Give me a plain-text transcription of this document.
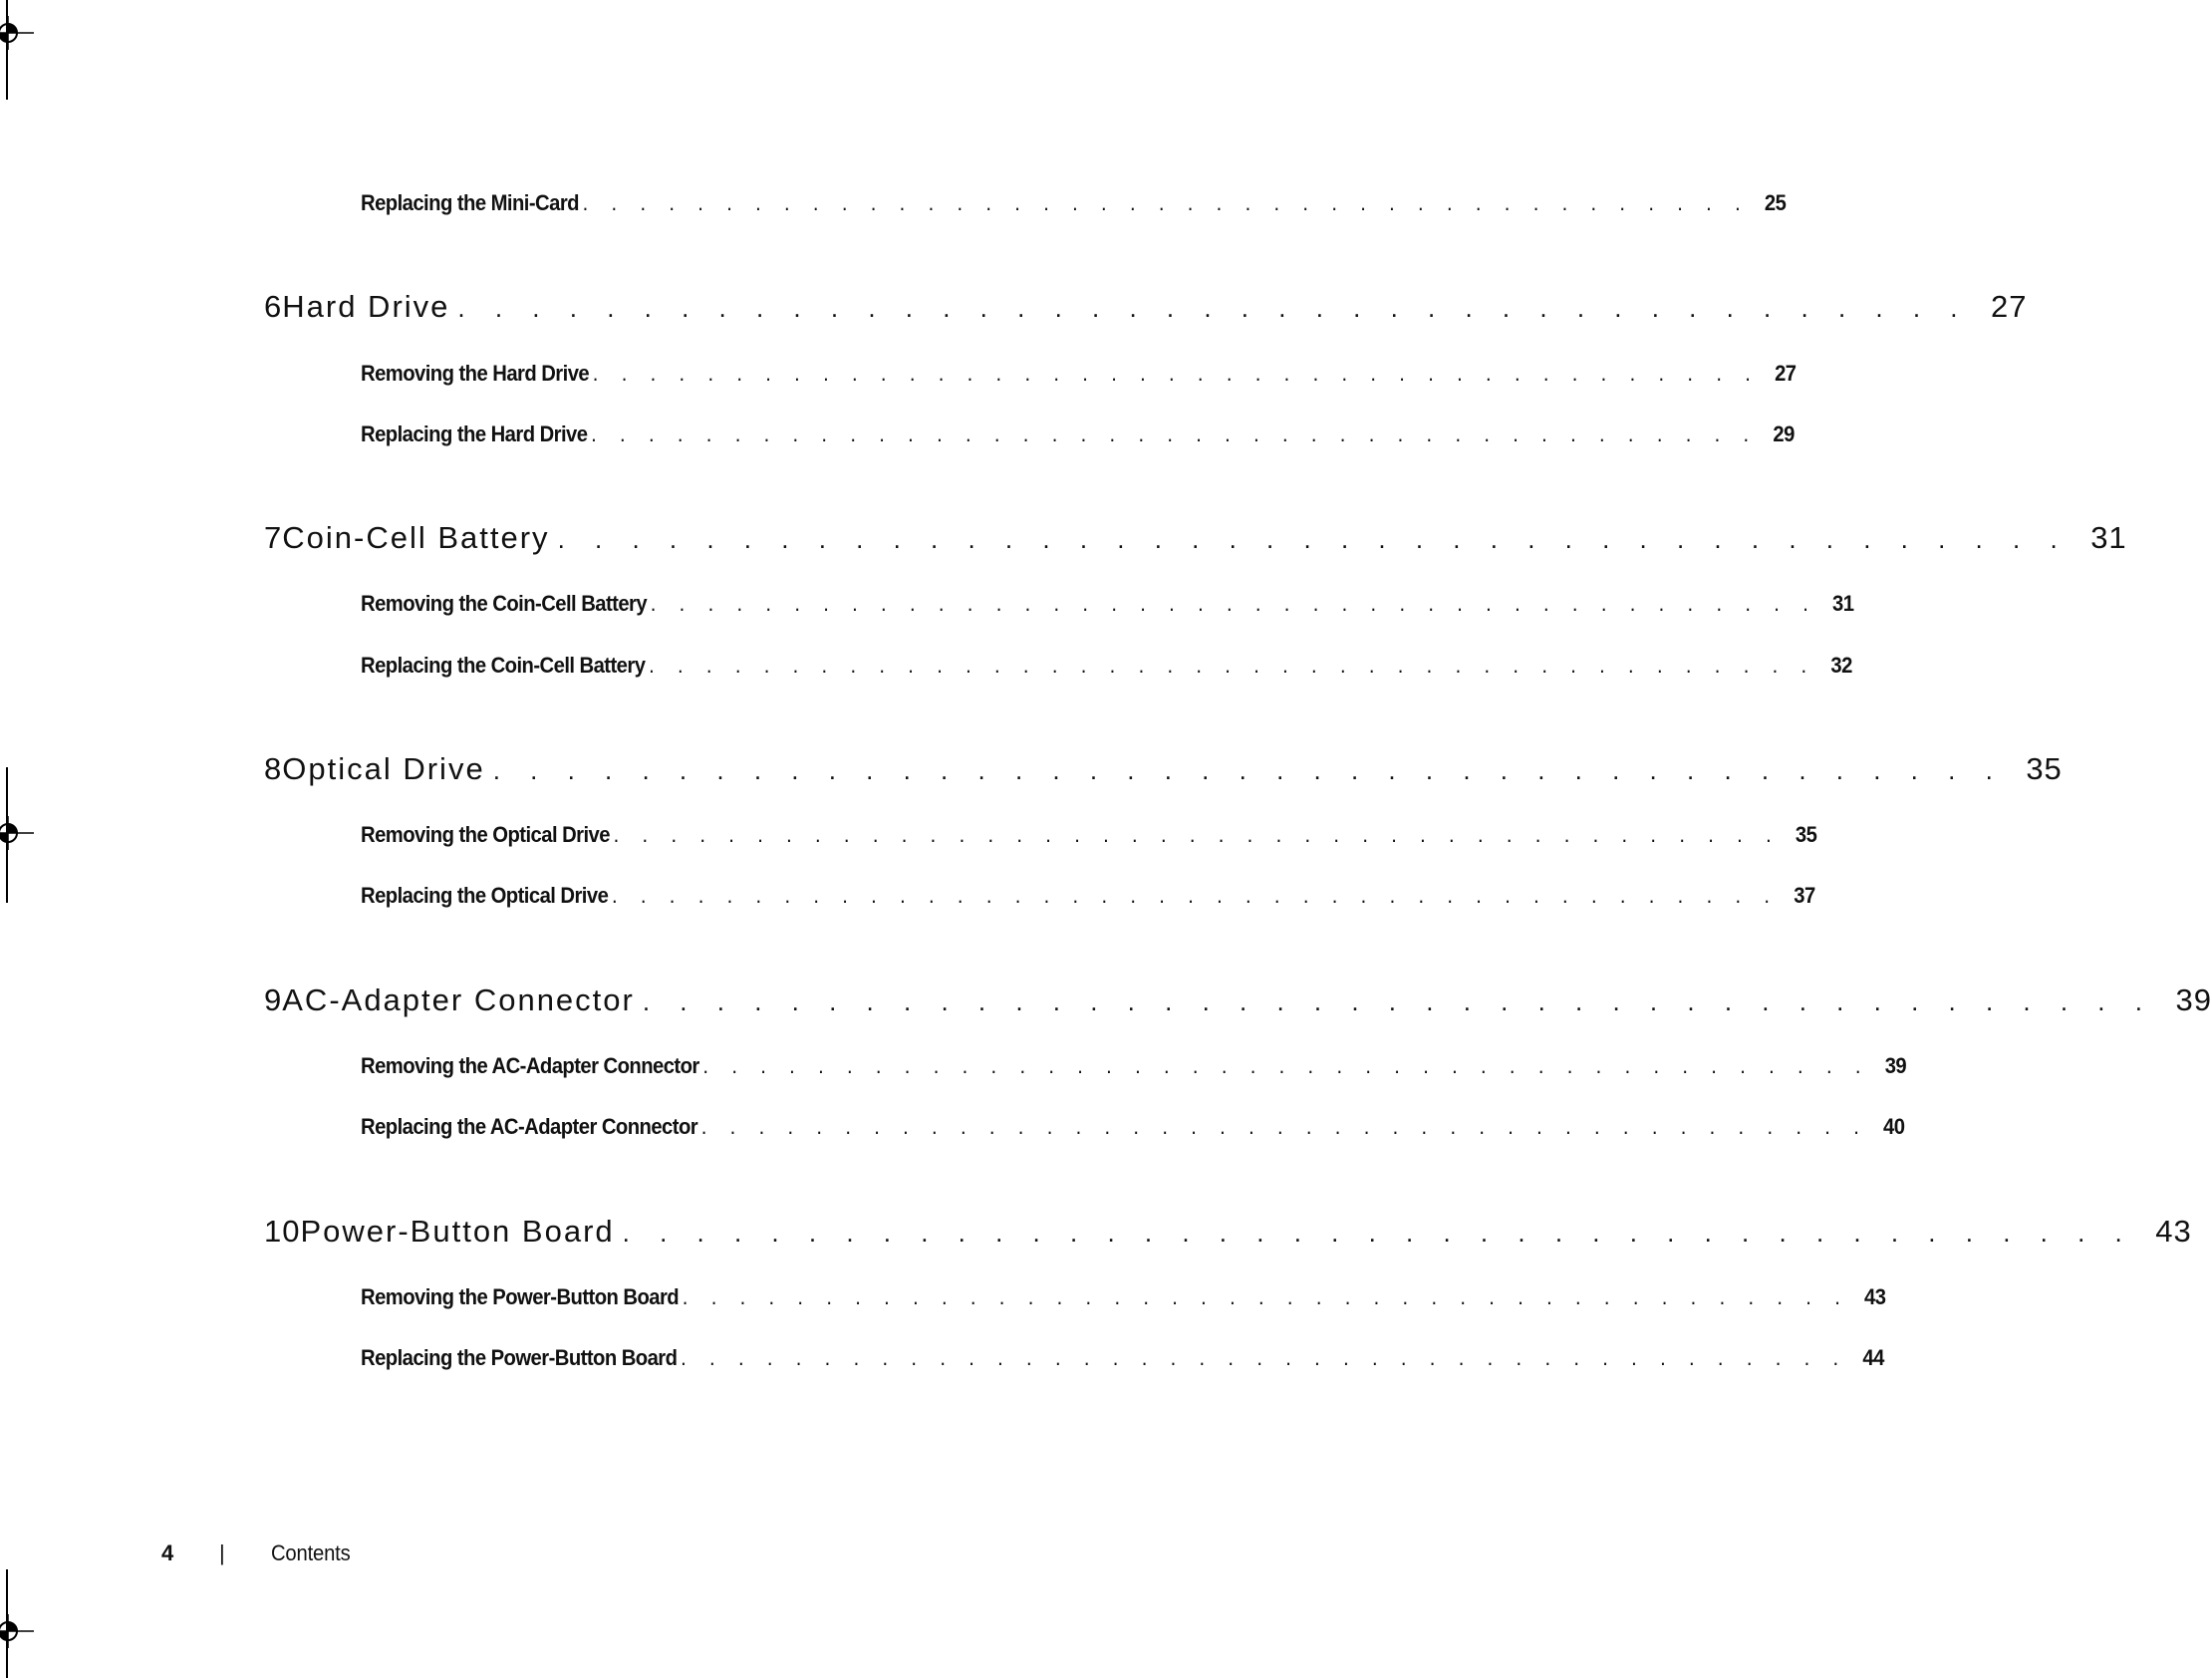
Replacing the Mini-Card . . . . . . . . . . . . . . . . . . . . . . . . . . . . . . . . . . . . . . . . . 25
6 Hard Drive . . . . . . . . . . . . . . . . . . . . . . . . . . . . . . . . . . . . . . . . . 27
Removing the Hard Drive . . . . . . . . . . . . . . . . . . . . . . . . . . . . . . . . . . . . . . . . . 27
Replacing the Hard Drive . . . . . . . . . . . . . . . . . . . . . . . . . . . . . . . . . . . . . . . . . 29
7 Coin-Cell Battery . . . . . . . . . . . . . . . . . . . . . . . . . . . . . . . . . . . . . . . . . 31
Removing the Coin-Cell Battery . . . . . . . . . . . . . . . . . . . . . . . . . . . . . . . . . . . . . . . . . 31
Replacing the Coin-Cell Battery . . . . . . . . . . . . . . . . . . . . . . . . . . . . . . . . . . . . . . . . . 32
8 Optical Drive . . . . . . . . . . . . . . . . . . . . . . . . . . . . . . . . . . . . . . . . . 35
Removing the Optical Drive . . . . . . . . . . . . . . . . . . . . . . . . . . . . . . . . . . . . . . . . . 35
Replacing the Optical Drive . . . . . . . . . . . . . . . . . . . . . . . . . . . . . . . . . . . . . . . . . 37
9 AC-Adapter Connector . . . . . . . . . . . . . . . . . . . . . . . . . . . . . . . . . . . . . . . . . 39
Removing the AC-Adapter Connector . . . . . . . . . . . . . . . . . . . . . . . . . . . . . . . . . . . . . . . . . 39
Replacing the AC-Adapter Connector . . . . . . . . . . . . . . . . . . . . . . . . . . . . . . . . . . . . . . . . . 40
10 Power-Button Board . . . . . . . . . . . . . . . . . . . . . . . . . . . . . . . . . . . . . . . . . 43
Removing the Power-Button Board . . . . . . . . . . . . . . . . . . . . . . . . . . . . . . . . . . . . . . . . . 43
Replacing the Power-Button Board . . . . . . . . . . . . . . . . . . . . . . . . . . . . . . . . . . . . . . . . . 44
4	|	Contents
